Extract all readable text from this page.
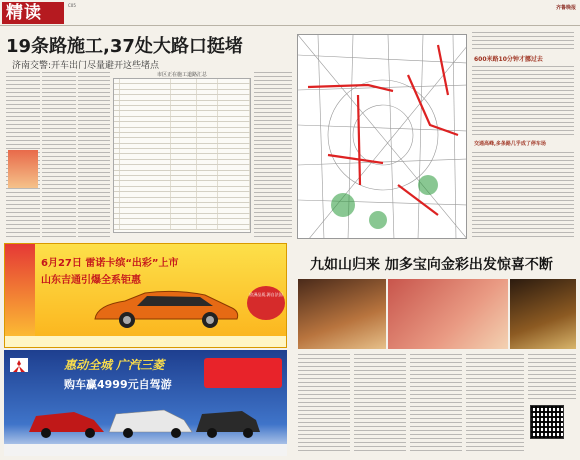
精读	C05	齐鲁晚报
19条路施工,37处大路口挺堵
济南交警:开车出门尽量避开这些堵点
市区正在施工道路汇总
600米路10分钟才挪过去
交通高峰,多条路几乎成了停车场
6月27日 雷诺卡缤“出彩”上市
山东吉通引爆全系钜惠
欧洲品质,源自法国
惠动全城 广汽三菱
购车赢4999元自驾游
九如山归来 加多宝向金彩出发惊喜不断
